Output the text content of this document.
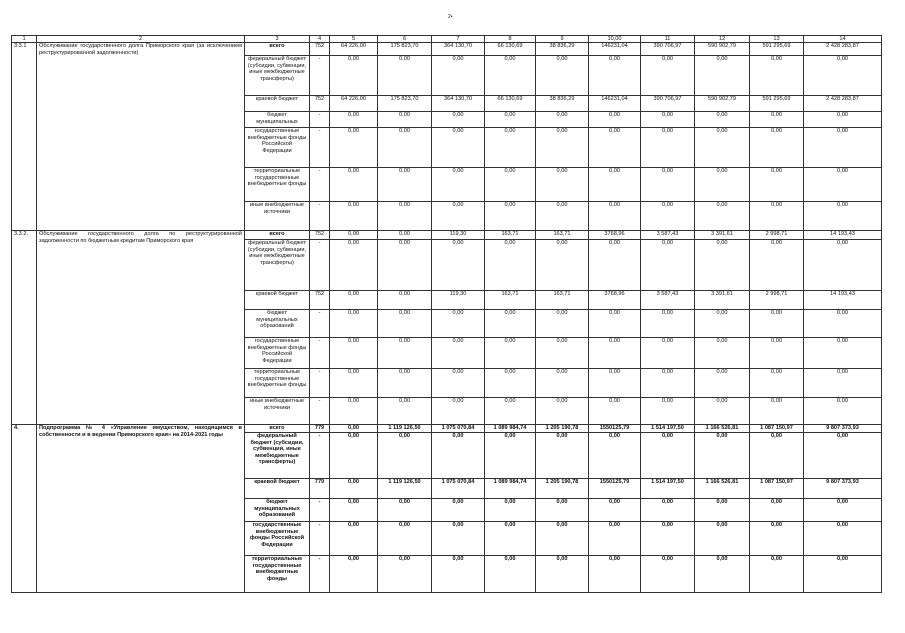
2•
1	2	3	4	5	6	7	8	9	10,00	11	12	13	14
3.3.1	Обслуживание государственного долга Приморского края (за исключением реструктурированной задолженности)	всего	752	64 226,00	175 823,70	364 130,70	66 130,69	38 836,29	146231,04	390 706,97	590 902,79	591 295,69	2 428 283,87
		федеральный бюджет (субсидии, субвенции, иные межбюджетные трансферты)	-	0,00	0,00	0,00	0,00	0,00	0,00	0,00	0,00	0,00	0,00
		краевой бюджет	752	64 226,00	175 823,70	364 130,70	66 130,69	38 836,29	146231,04	390 706,97	590 902,79	591 295,69	2 428 283,87
		бюджет муниципальных	-	0,00	0,00	0,00	0,00	0,00	0,00	0,00	0,00	0,00	0,00
		государственные внебюджетные фонды Российской Федерации	-	0,00	0,00	0,00	0,00	0,00	0,00	0,00	0,00	0,00	0,00
		территориальные государственные внебюджетные фонды	-	0,00	0,00	0,00	0,00	0,00	0,00	0,00	0,00	0,00	0,00
		иные внебюджетные источники	-	0,00	0,00	0,00	0,00	0,00	0,00	0,00	0,00	0,00	0,00
3.3.2.	Обслуживание государственного долга по реструктурированной задолженности по бюджетным кредитам Приморского края	всего	752	0,00	0,00	119,30	163,71	163,71	3768,96	3 587,43	3 391,61	2 998,71	14 193,43
		федеральный бюджет (субсидии, субвенции, иные межбюджетные трансферты)	-	0,00	0,00	0,00	0,00	0,00	0,00	0,00	0,00	0,00	0,00
		краевой бюджет	752	0,00	0,00	119,30	163,71	163,71	3768,96	3 587,43	3 391,61	2 998,71	14 193,43
		бюджет муниципальных образований	-	0,00	0,00	0,00	0,00	0,00	0,00	0,00	0,00	0,00	0,00
		государственные внебюджетные фонды Российской Федерации	-	0,00	0,00	0,00	0,00	0,00	0,00	0,00	0,00	0,00	0,00
		территориальные государственные внебюджетные фонды	-	0,00	0,00	0,00	0,00	0,00	0,00	0,00	0,00	0,00	0,00
		иные внебюджетные источники	-	0,00	0,00	0,00	0,00	0,00	0,00	0,00	0,00	0,00	0,00
4.	Подпрограмма № 4 «Управление имуществом, находящимся в собственности и в ведении Приморского края» на 2014-2021 годы	всего	779	0,00	1 119 126,50	1 075 070,84	1 089 984,74	1 205 190,78	1550125,79	1 514 197,50	1 166 526,81	1 087 150,97	9 807 373,93
		федеральный бюджет (субсидии, субвенции, иные межбюджетные трансферты)	-	0,00	0,00	0,00	0,00	0,00	0,00	0,00	0,00	0,00	0,00
		краевой бюджет	779	0,00	1 119 126,50	1 075 070,84	1 089 984,74	1 205 190,78	1550125,79	1 514 197,50	1 166 526,81	1 087 150,97	9 807 373,93
		бюджет муниципальных образований	-	0,00	0,00	0,00	0,00	0,00	0,00	0,00	0,00	0,00	0,00
		государственные внебюджетные фонды Российской Федерации	-	0,00	0,00	0,00	0,00	0,00	0,00	0,00	0,00	0,00	0,00
		территориальные государственные внебюджетные фонды	-	0,00	0,00	0,00	0,00	0,00	0,00	0,00	0,00	0,00	0,00
